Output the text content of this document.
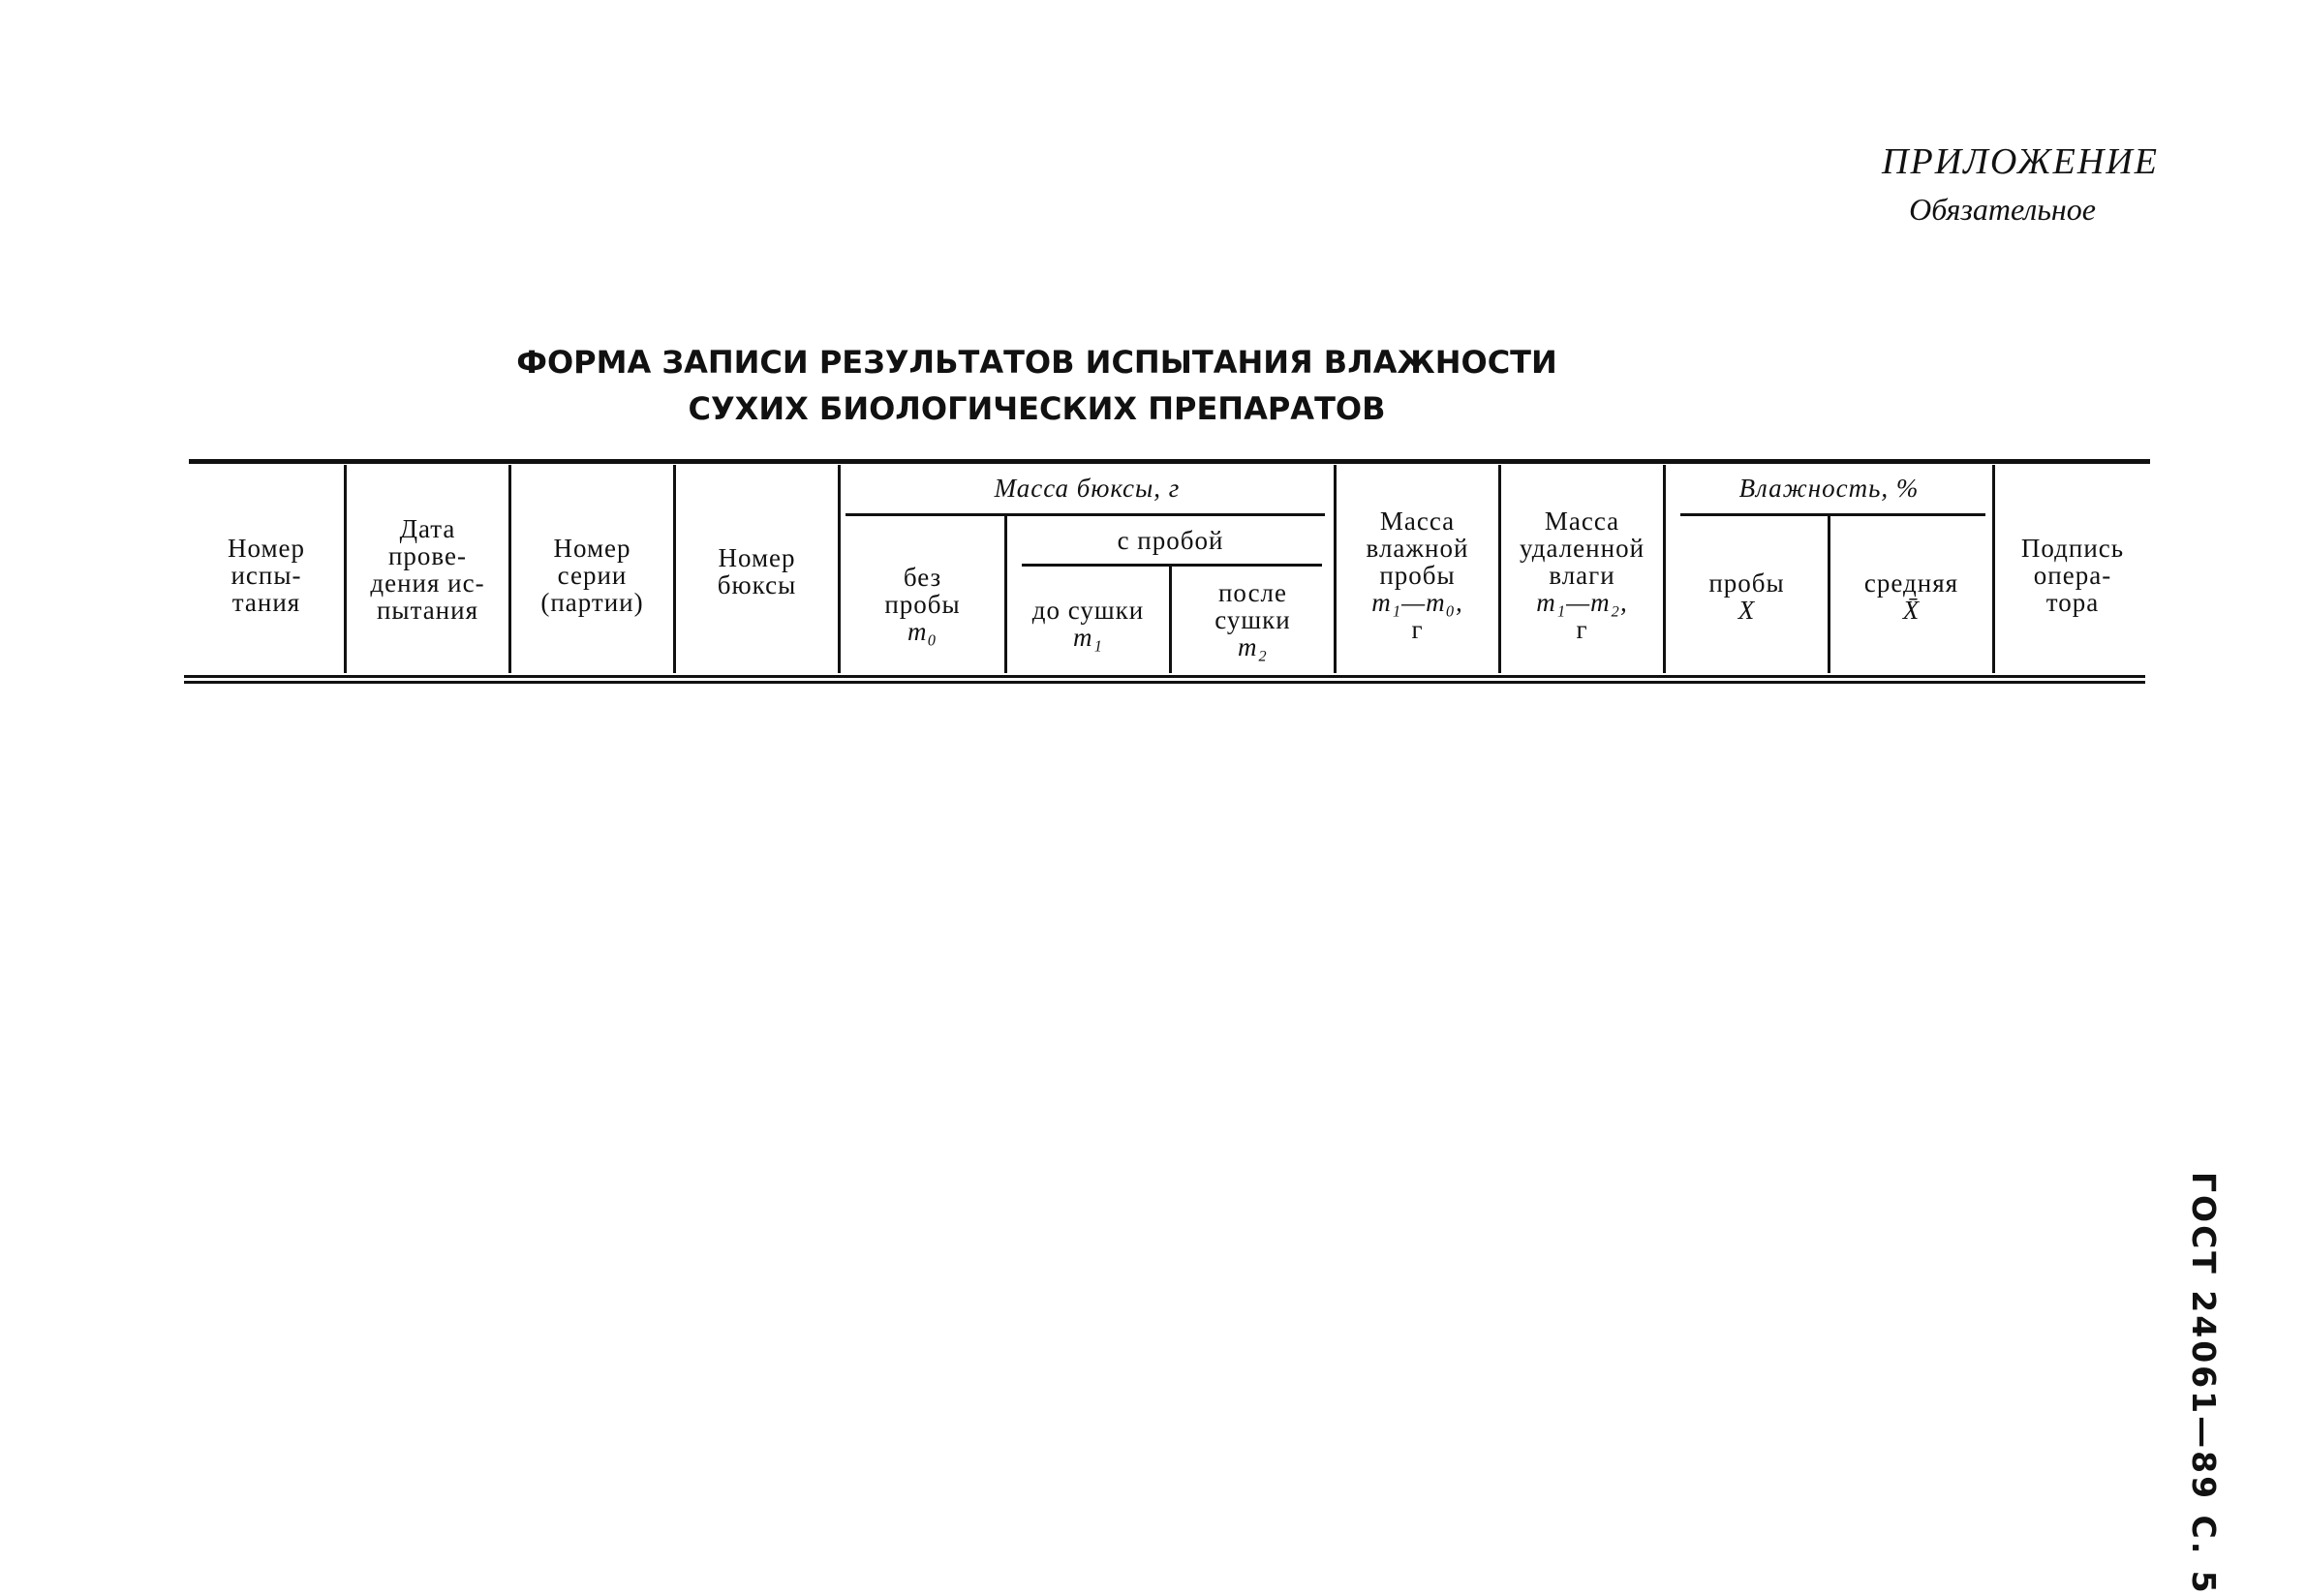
ПРИЛОЖЕНИЕ
Обязательное
ФОРМА ЗАПИСИ РЕЗУЛЬТАТОВ ИСПЫТАНИЯ ВЛАЖНОСТИ
СУХИХ БИОЛОГИЧЕСКИХ ПРЕПАРАТОВ
Номер
испы-
тания
Дата
прове-
дения ис-
пытания
Номер
серии
(партии)
Номер
бюксы
Масса бюксы, г
без
пробы
m₀
с пробой
до сушки
m₁
после
сушки
m₂
Масса
влажной
пробы
m₁—m₀,
г
Масса
удаленной
влаги
m₁—m₂,
г
Влажность, %
пробы
X
средняя
X̄
Подпись
опера-
тора
ГОСТ 24061—89 С. 5
